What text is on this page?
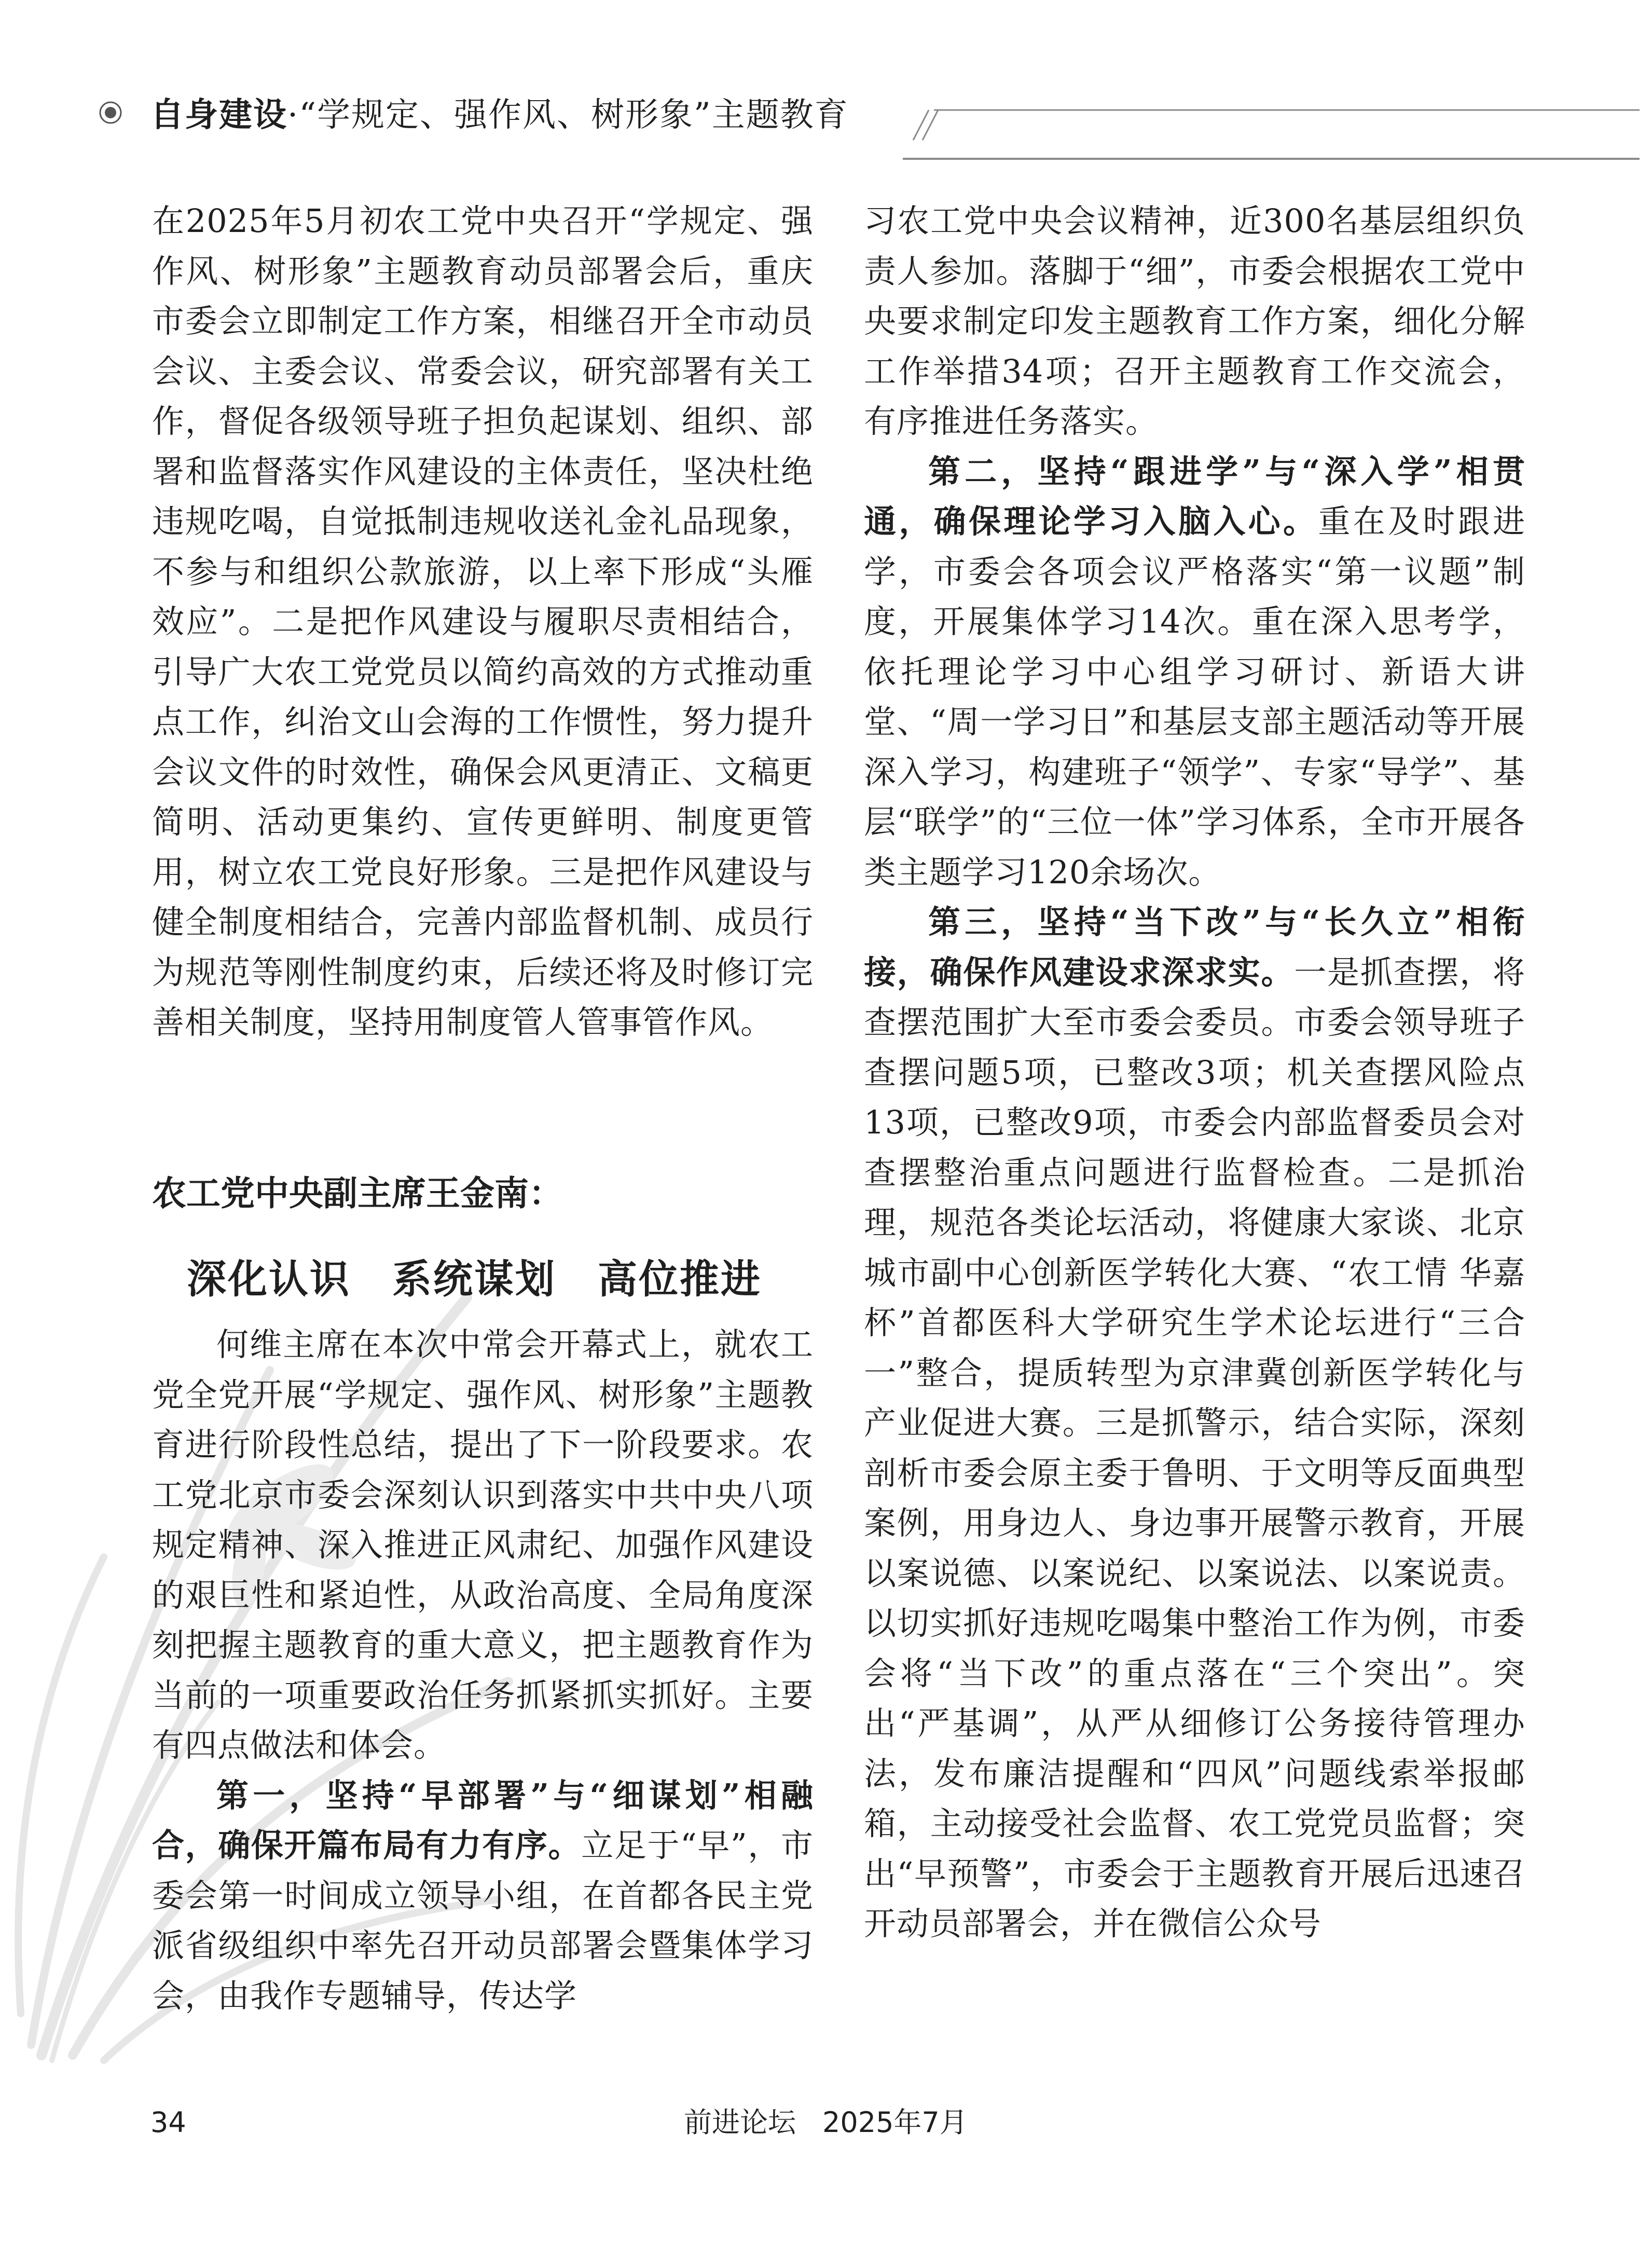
自身建设·“学规定、强作风、树形象”主题教育

在2025年5月初农工党中央召开“学规定、强作风、树形象”主题教育动员部署会后，重庆市委会立即制定工作方案，相继召开全市动员会议、主委会议、常委会议，研究部署有关工作，督促各级领导班子担负起谋划、组织、部署和监督落实作风建设的主体责任，坚决杜绝违规吃喝，自觉抵制违规收送礼金礼品现象，不参与和组织公款旅游，以上率下形成“头雁效应”。二是把作风建设与履职尽责相结合，引导广大农工党党员以简约高效的方式推动重点工作，纠治文山会海的工作惯性，努力提升会议文件的时效性，确保会风更清正、文稿更简明、活动更集约、宣传更鲜明、制度更管用，树立农工党良好形象。三是把作风建设与健全制度相结合，完善内部监督机制、成员行为规范等刚性制度约束，后续还将及时修订完善相关制度，坚持用制度管人管事管作风。

农工党中央副主席王金南：
深化认识 系统谋划 高位推进

何维主席在本次中常会开幕式上，就农工党全党开展“学规定、强作风、树形象”主题教育进行阶段性总结，提出了下一阶段要求。农工党北京市委会深刻认识到落实中共中央八项规定精神、深入推进正风肃纪、加强作风建设的艰巨性和紧迫性，从政治高度、全局角度深刻把握主题教育的重大意义，把主题教育作为当前的一项重要政治任务抓紧抓实抓好。主要有四点做法和体会。

第一，坚持“早部署”与“细谋划”相融合，确保开篇布局有力有序。立足于“早”，市委会第一时间成立领导小组，在首都各民主党派省级组织中率先召开动员部署会暨集体学习会，由我作专题辅导，传达学

习农工党中央会议精神，近300名基层组织负责人参加。落脚于“细”，市委会根据农工党中央要求制定印发主题教育工作方案，细化分解工作举措34项；召开主题教育工作交流会，有序推进任务落实。

第二，坚持“跟进学”与“深入学”相贯通，确保理论学习入脑入心。重在及时跟进学，市委会各项会议严格落实“第一议题”制度，开展集体学习14次。重在深入思考学，依托理论学习中心组学习研讨、新语大讲堂、“周一学习日”和基层支部主题活动等开展深入学习，构建班子“领学”、专家“导学”、基层“联学”的“三位一体”学习体系，全市开展各类主题学习120余场次。

第三，坚持“当下改”与“长久立”相衔接，确保作风建设求深求实。一是抓查摆，将查摆范围扩大至市委会委员。市委会领导班子查摆问题5项，已整改3项；机关查摆风险点13项，已整改9项，市委会内部监督委员会对查摆整治重点问题进行监督检查。二是抓治理，规范各类论坛活动，将健康大家谈、北京城市副中心创新医学转化大赛、“农工情 华嘉杯”首都医科大学研究生学术论坛进行“三合一”整合，提质转型为京津冀创新医学转化与产业促进大赛。三是抓警示，结合实际，深刻剖析市委会原主委于鲁明、于文明等反面典型案例，用身边人、身边事开展警示教育，开展以案说德、以案说纪、以案说法、以案说责。以切实抓好违规吃喝集中整治工作为例，市委会将“当下改”的重点落在“三个突出”。突出“严基调”，从严从细修订公务接待管理办法，发布廉洁提醒和“四风”问题线索举报邮箱，主动接受社会监督、农工党党员监督；突出“早预警”，市委会于主题教育开展后迅速召开动员部署会，并在微信公众号

34	前进论坛 2025年7月
